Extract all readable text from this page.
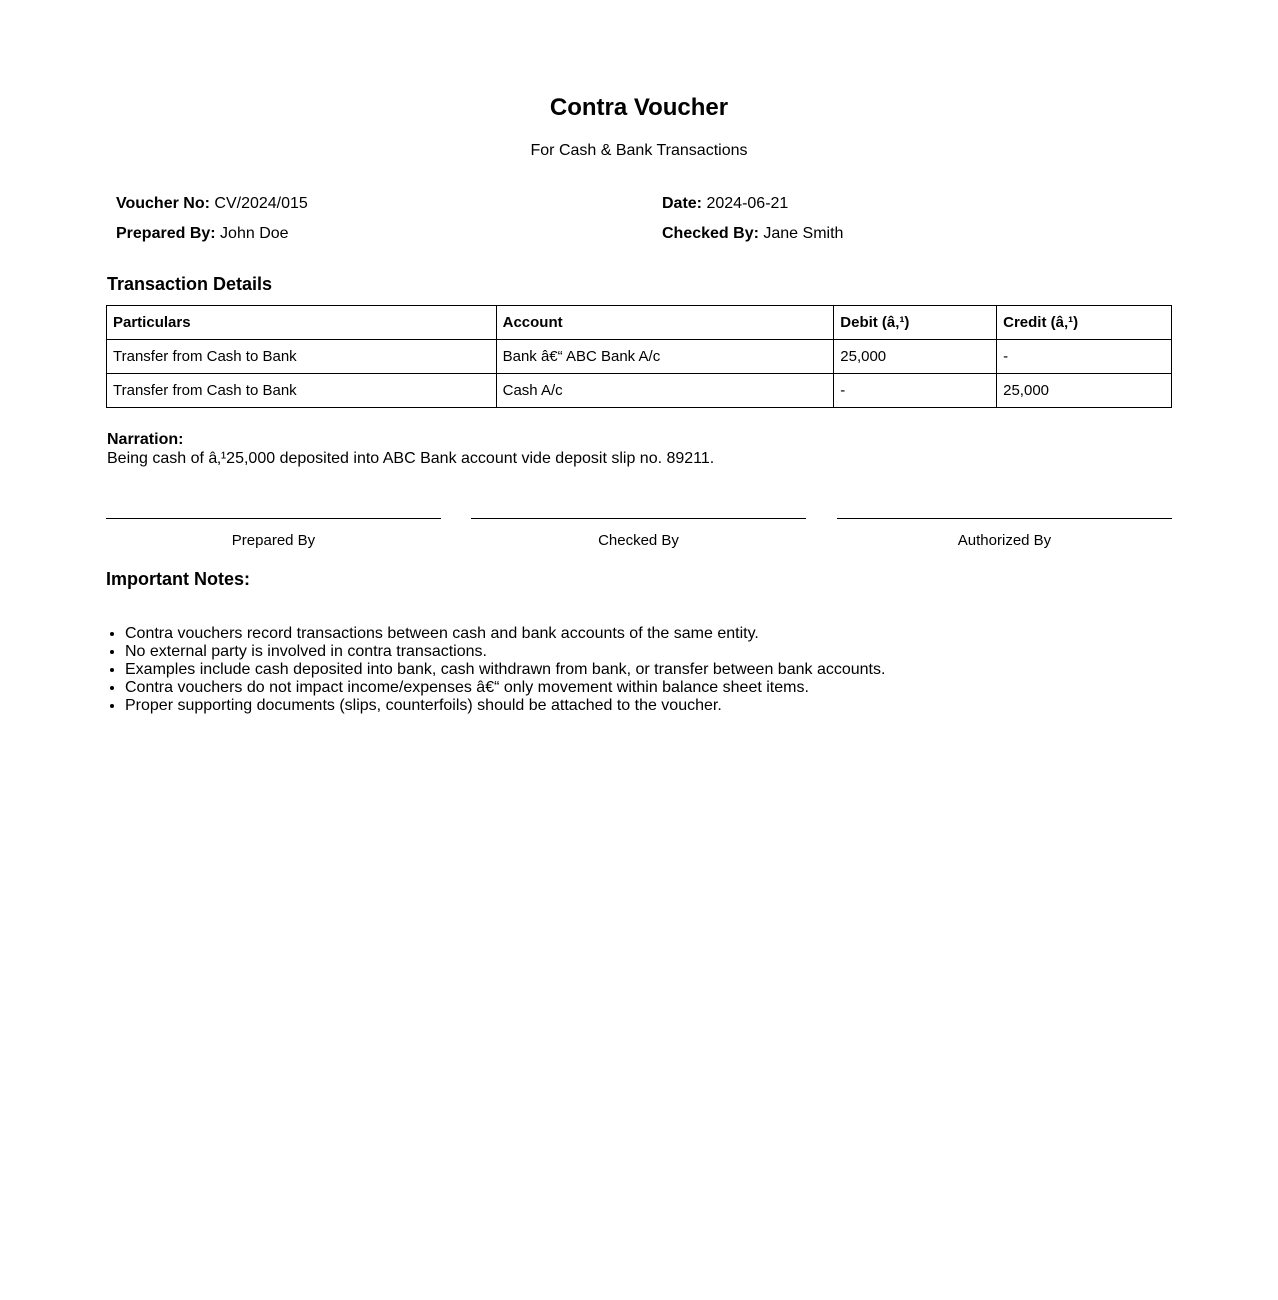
Contra Voucher
For Cash & Bank Transactions
Voucher No: CV/2024/015	Date: 2024-06-21
Prepared By: John Doe	Checked By: Jane Smith
Transaction Details
Particulars	Account	Debit (â‚¹)	Credit (â‚¹)
Transfer from Cash to Bank	Bank â€“ ABC Bank A/c	25,000	-
Transfer from Cash to Bank	Cash A/c	-	25,000
Narration:
Being cash of â‚¹25,000 deposited into ABC Bank account vide deposit slip no. 89211.
Prepared By	Checked By	Authorized By
Important Notes:
• Contra vouchers record transactions between cash and bank accounts of the same entity.
• No external party is involved in contra transactions.
• Examples include cash deposited into bank, cash withdrawn from bank, or transfer between bank accounts.
• Contra vouchers do not impact income/expenses â€“ only movement within balance sheet items.
• Proper supporting documents (slips, counterfoils) should be attached to the voucher.
